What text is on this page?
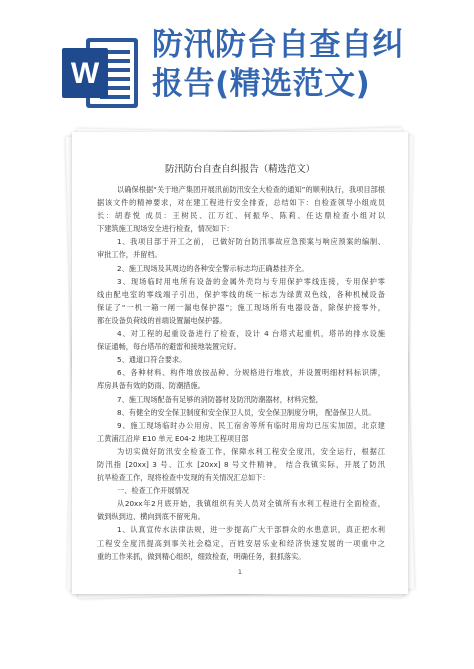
W
防汛防台自查自纠
报告(精选范文)
防汛防台自查自纠报告（精选范文）
以确保根据“关于地产集团开展汛前防汛安全大检查的通知”的顺利执行，我项目部根
据该文件的精神要求，对在建工程进行安全排查，总结如下：自检查领导小组成员
长：胡春悦 成员：王树民、江万红、何振华、陈莉、任达鼎检查小组对以
下建筑施工现场安全进行检查，情况如下：
1、我项目部于开工之前， 已做好防台防汛事故应急预案与响应预案的编制、
审批工作，并留档。
2、施工现场及其周边的各种安全警示标志均正确悬挂齐全。
3、现场临时用电所有设备的金属外壳均与专用保护零线连接，专用保护零
线由配电室的零线端子引出，保护零线的统一标志为绿黄双色线，各种机械设备
保证了“一机一箱一闸一漏电保护器”；施工现场所有电器设备，除保护接零外，
都在设备负荷线的首端设置漏电保护器。
4、对工程的起重设备进行了检查，设计 4 台塔式起重机，塔吊的排水设施
保证通畅，每台塔吊的避雷和接地装置完好。
5、通道口符合要求。
6、各种材料、构件堆放按品种、分规格进行堆放，并设置明细材料标识牌，
库房具备有效的防雨、防潮措施。
7、施工现场配备有足够的消防器材及防汛防潮器材，材料完整，
8、有健全的安全保卫制度和安全保卫人员，安全保卫制度分明， 配备保卫人员。
9、施工现场临时办公用房、民工宿舍等所有临时用房均已压实加固，北京建
工黄浦江沿岸 E10 单元 E04-2 地块工程项目部
为切实做好防汛安全检查工作，保障水利工程安全度汛，安全运行，根据江
防汛指 [20xx] 3 号、江水 [20xx] 8 号文件精神， 结合我镇实际，开展了防汛
抗旱检查工作，现将检查中发现的有关情况汇总如下：
一、检查工作开展情况
从20xx年2月底开始，我镇组织有关人员对全镇所有水利工程进行全面检查，
做到纵到边、横向到底不留死角。
1、认真宣传水法律法规，进一步提高广大干部群众的水患意识，真正把水利
工程安全度汛提高到事关社会稳定，百姓安居乐业和经济快速发展的一项重中之
重的工作来抓，做到精心组织，细致检查，明确任务，狠抓落实。
1
